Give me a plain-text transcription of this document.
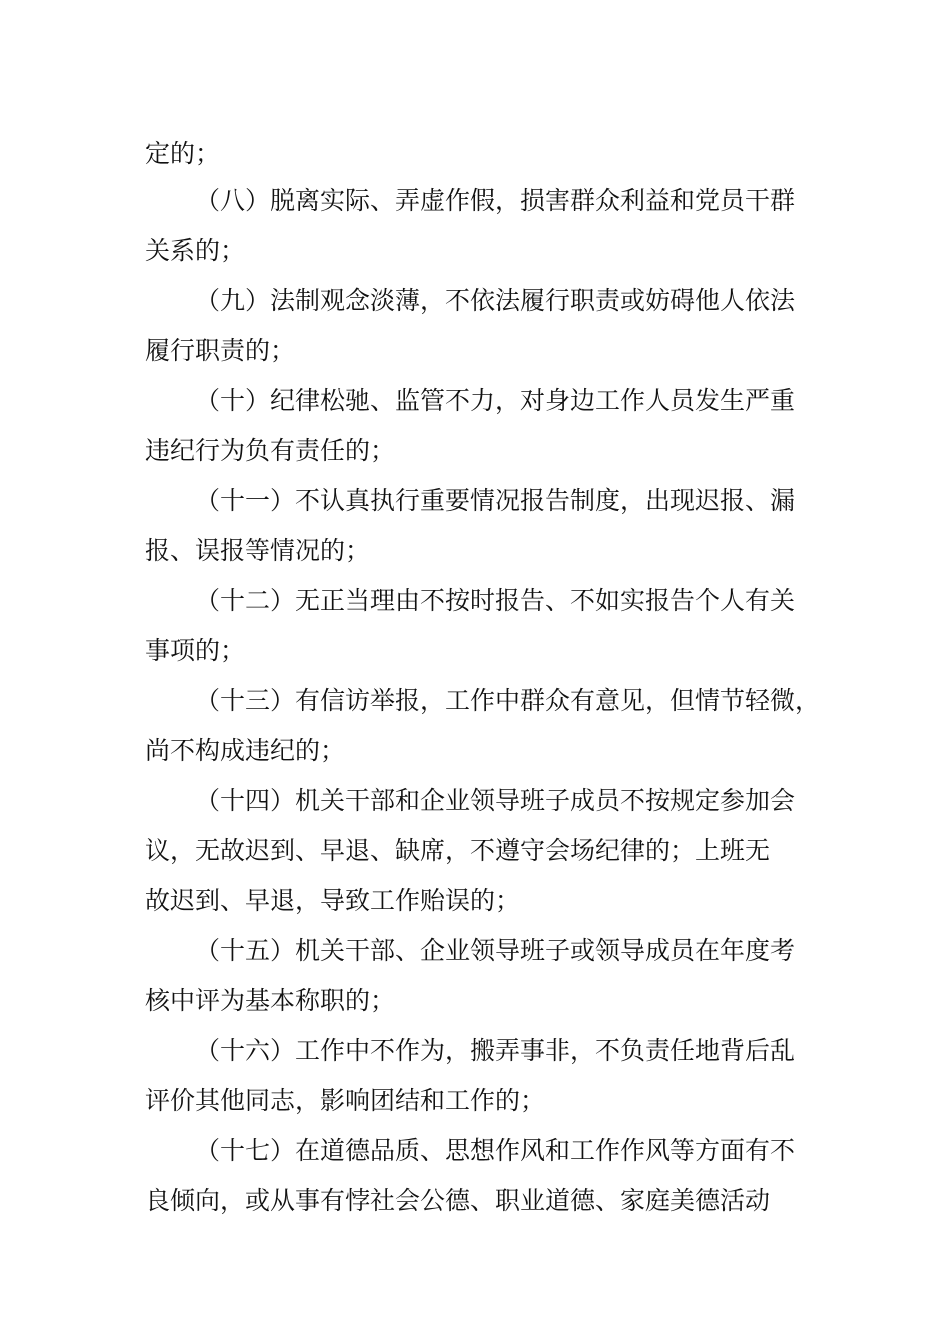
定的；

（八）脱离实际、弄虚作假，损害群众利益和党员干群

关系的；

（九）法制观念淡薄，不依法履行职责或妨碍他人依法

履行职责的；

（十）纪律松驰、监管不力，对身边工作人员发生严重

违纪行为负有责任的；

（十一）不认真执行重要情况报告制度，出现迟报、漏

报、误报等情况的；

（十二）无正当理由不按时报告、不如实报告个人有关

事项的；

（十三）有信访举报，工作中群众有意见，但情节轻微，

尚不构成违纪的；

（十四）机关干部和企业领导班子成员不按规定参加会

议，无故迟到、早退、缺席，不遵守会场纪律的；上班无

故迟到、早退，导致工作贻误的；

（十五）机关干部、企业领导班子或领导成员在年度考

核中评为基本称职的；

（十六）工作中不作为，搬弄事非，不负责任地背后乱

评价其他同志，影响团结和工作的；

（十七）在道德品质、思想作风和工作作风等方面有不

良倾向，或从事有悖社会公德、职业道德、家庭美德活动
